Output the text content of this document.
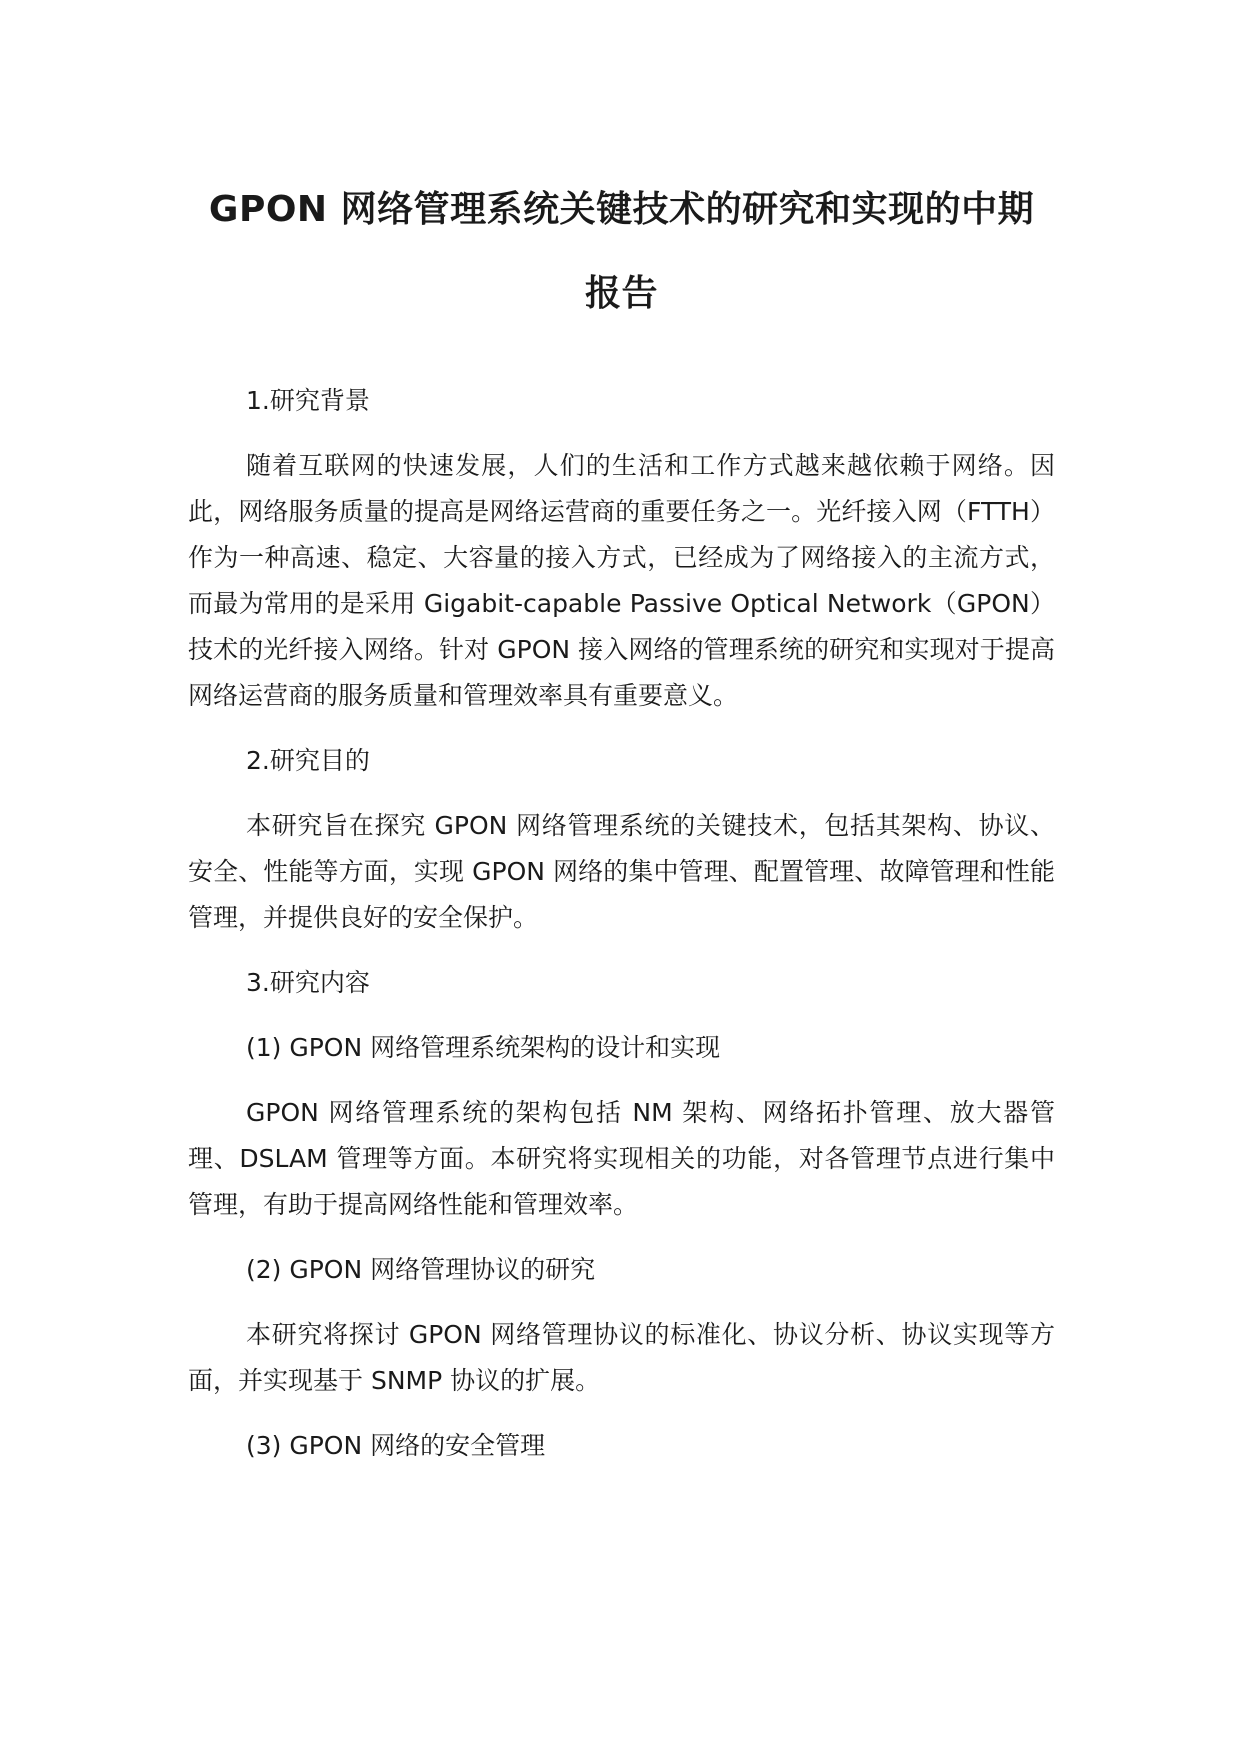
GPON 网络管理系统关键技术的研究和实现的中期
报告
1.研究背景
随着互联网的快速发展，人们的生活和工作方式越来越依赖于网络。因此，网络服务质量的提高是网络运营商的重要任务之一。光纤接入网（FTTH）作为一种高速、稳定、大容量的接入方式，已经成为了网络接入的主流方式，而最为常用的是采用 Gigabit-capable Passive Optical Network（GPON）技术的光纤接入网络。针对 GPON 接入网络的管理系统的研究和实现对于提高网络运营商的服务质量和管理效率具有重要意义。
2.研究目的
本研究旨在探究 GPON 网络管理系统的关键技术，包括其架构、协议、安全、性能等方面，实现 GPON 网络的集中管理、配置管理、故障管理和性能管理，并提供良好的安全保护。
3.研究内容
(1) GPON 网络管理系统架构的设计和实现
GPON 网络管理系统的架构包括 NM 架构、网络拓扑管理、放大器管理、DSLAM 管理等方面。本研究将实现相关的功能，对各管理节点进行集中管理，有助于提高网络性能和管理效率。
(2) GPON 网络管理协议的研究
本研究将探讨 GPON 网络管理协议的标准化、协议分析、协议实现等方面，并实现基于 SNMP 协议的扩展。
(3) GPON 网络的安全管理
